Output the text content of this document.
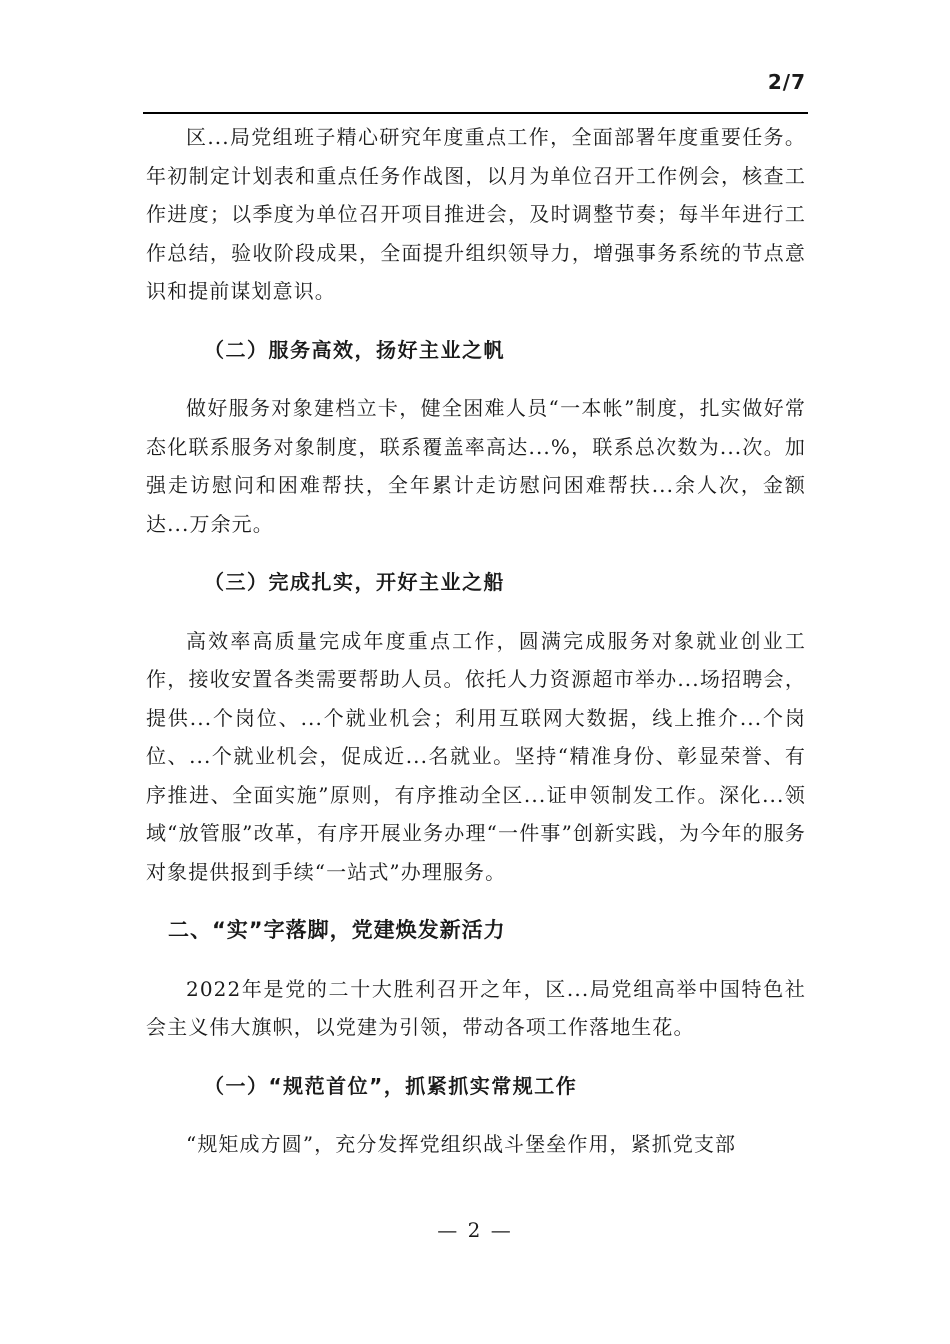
2/7

区...局党组班子精心研究年度重点工作，全面部署年度重要任务。年初制定计划表和重点任务作战图，以月为单位召开工作例会，核查工作进度；以季度为单位召开项目推进会，及时调整节奏；每半年进行工作总结，验收阶段成果，全面提升组织领导力，增强事务系统的节点意识和提前谋划意识。

（二）服务高效，扬好主业之帆

做好服务对象建档立卡，健全困难人员“一本帐”制度，扎实做好常态化联系服务对象制度，联系覆盖率高达...%，联系总次数为...次。加强走访慰问和困难帮扶，全年累计走访慰问困难帮扶...余人次，金额达...万余元。

（三）完成扎实，开好主业之船

高效率高质量完成年度重点工作，圆满完成服务对象就业创业工作，接收安置各类需要帮助人员。依托人力资源超市举办...场招聘会，提供...个岗位、...个就业机会；利用互联网大数据，线上推介...个岗位、...个就业机会，促成近...名就业。坚持“精准身份、彰显荣誉、有序推进、全面实施”原则，有序推动全区...证申领制发工作。深化...领域“放管服”改革，有序开展业务办理“一件事”创新实践，为今年的服务对象提供报到手续“一站式”办理服务。

二、“实”字落脚，党建焕发新活力

2022年是党的二十大胜利召开之年，区...局党组高举中国特色社会主义伟大旗帜，以党建为引领，带动各项工作落地生花。

（一）“规范首位”，抓紧抓实常规工作

“规矩成方圆”，充分发挥党组织战斗堡垒作用，紧抓党支部

— 2 —
